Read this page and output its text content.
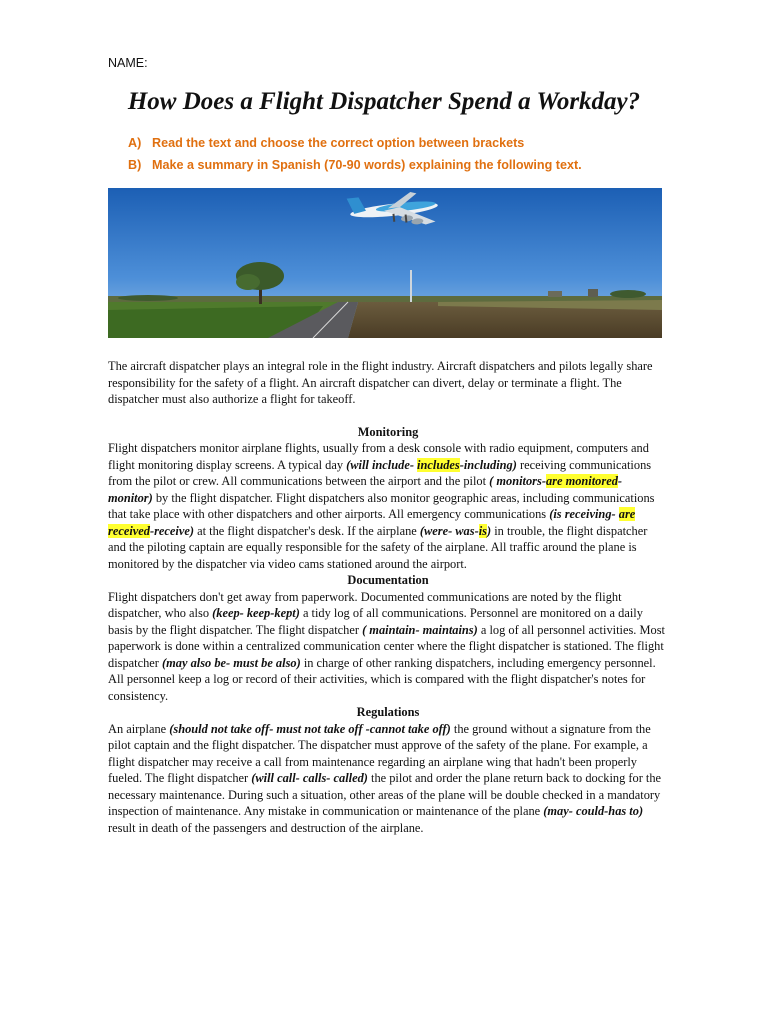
NAME:
How Does a Flight Dispatcher Spend a Workday?
A) Read the text and choose the correct option between brackets
B) Make a summary in Spanish (70-90 words) explaining the following text.

The aircraft dispatcher plays an integral role in the flight industry. Aircraft dispatchers and pilots legally share responsibility for the safety of a flight. An aircraft dispatcher can divert, delay or terminate a flight. The dispatcher must also authorize a flight for takeoff.

Monitoring

Flight dispatchers monitor airplane flights, usually from a desk console with radio equipment, computers and flight monitoring display screens. A typical day (will include- includes-including) receiving communications from the pilot or crew. All communications between the airport and the pilot ( monitors-are monitored- monitor) by the flight dispatcher. Flight dispatchers also monitor geographic areas, including communications that take place with other dispatchers and other airports. All emergency communications (is receiving- are received-receive) at the flight dispatcher's desk. If the airplane (were- was-is) in trouble, the flight dispatcher and the piloting captain are equally responsible for the safety of the airplane. All traffic around the plane is monitored by the dispatcher via video cams stationed around the airport.

Documentation

Flight dispatchers don't get away from paperwork. Documented communications are noted by the flight dispatcher, who also (keep- keep-kept) a tidy log of all communications. Personnel are monitored on a daily basis by the flight dispatcher. The flight dispatcher ( maintain- maintains) a log of all personnel activities. Most paperwork is done within a centralized communication center where the flight dispatcher is stationed. The flight dispatcher (may also be- must be also) in charge of other ranking dispatchers, including emergency personnel. All personnel keep a log or record of their activities, which is compared with the flight dispatcher's notes for consistency.

Regulations

An airplane (should not take off- must not take off -cannot take off) the ground without a signature from the pilot captain and the flight dispatcher. The dispatcher must approve of the safety of the plane. For example, a flight dispatcher may receive a call from maintenance regarding an airplane wing that hadn't been properly fueled. The flight dispatcher (will call- calls- called) the pilot and order the plane return back to docking for the necessary maintenance. During such a situation, other areas of the plane will be double checked in a mandatory inspection of maintenance. Any mistake in communication or maintenance of the plane (may- could-has to) result in death of the passengers and destruction of the airplane.
